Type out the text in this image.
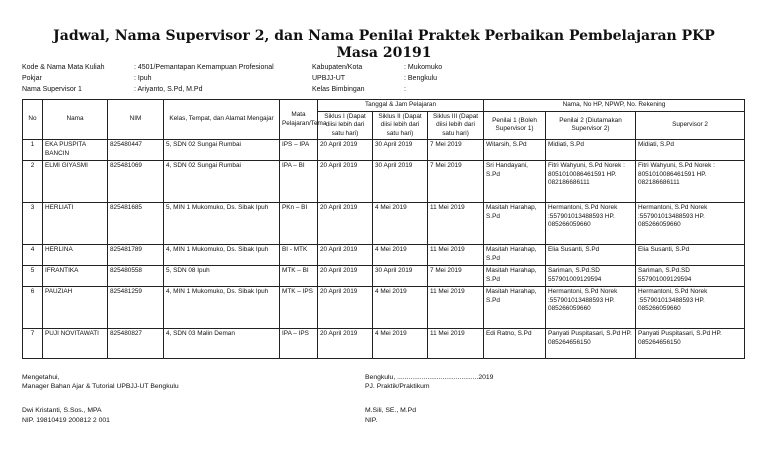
Jadwal, Nama Supervisor 2, dan Nama Penilai Praktek Perbaikan Pembelajaran PKP
Masa 20191
Kode & Nama Mata Kuliah	: 4501/Pemantapan Kemampuan Profesional
Pokjar	: Ipuh
Nama Supervisor 1	: Ariyanto, S.Pd, M.Pd
Kabupaten/Kota	: Mukomuko
UPBJJ-UT	: Bengkulu
Kelas Bimbingan	:
No	Nama	NIM	Kelas, Tempat, dan Alamat Mengajar	Mata Pelajaran/Tema	Tanggal & Jam Pelajaran			Nama, No HP, NPWP, No. Rekening		
					Siklus I (Dapat diisi lebih dari satu hari)	Siklus II (Dapat diisi lebih dari satu hari)	Siklus III (Dapat diisi lebih dari satu hari)	Penilai 1 (Boleh Supervisor 1)	Penilai 2 (Diutamakan Supervisor 2)	Supervisor 2
1	EKA PUSPITA BANCIN	825480447	5, SDN 02 Sungai Rumbai	IPS – IPA	20 April 2019	30 April 2019	7 Mei 2019	Witarsih, S.Pd	Midiati, S.Pd	Midiati, S.Pd
2	ELMI GIYASMI	825481069	4, SDN 02 Sungai Rumbai	IPA – BI	20 April 2019	30 April 2019	7 Mei 2019	Sri Handayani, S.Pd	Fitri Wahyuni, S.Pd Norek : 8051010086461591 HP. 082186686111	Fitri Wahyuni, S.Pd Norek : 8051010086461591 HP. 082186686111
3	HERLIATI	825481685	5, MIN 1 Mukomuko, Ds. Sibak Ipuh	PKn – BI	20 April 2019	4 Mei 2019	11 Mei 2019	Masitah Harahap, S.Pd	Hermantoni, S.Pd Norek :557901013488593 HP. 085266059660	Hermantoni, S.Pd Norek :557901013488593 HP. 085266059660
4	HERLINA	825481789	4, MIN 1 Mukomuko, Ds. Sibak Ipuh	BI - MTK	20 April 2019	4 Mei 2019	11 Mei 2019	Masitah Harahap, S.Pd	Elia Susanti, S.Pd	Elia Susanti, S.Pd
5	IFRANTIKA	825480558	5, SDN 08 Ipuh	MTK – BI	20 April 2019	30 April 2019	7 Mei 2019	Masitah Harahap, S.Pd	Sariman, S.Pd.SD 557901009129594	Sariman, S.Pd.SD 557901009129594
6	PAUZIAH	825481259	4, MIN 1 Mukomuko, Ds. Sibak Ipuh	MTK – IPS	20 April 2019	4 Mei 2019	11 Mei 2019	Masitah Harahap, S.Pd	Hermantoni, S.Pd Norek :557901013488593 HP. 085266059660	Hermantoni, S.Pd Norek :557901013488593 HP. 085266059660
7	PUJI NOVITAWATI	825480827	4, SDN 03 Malin Deman	IPA – IPS	20 April 2019	4 Mei 2019	11 Mei 2019	Edi Ratno, S.Pd	Panyati Puspitasari, S.Pd HP. 085264656150	Panyati Puspitasari, S.Pd HP. 085264656150
Mengetahui,
Manager Bahan Ajar & Tutorial UPBJJ-UT Bengkulu
Dwi Kristanti, S.Sos., MPA
NIP. 19810419 200812 2 001
Bengkulu, ...........................................2019
PJ. Praktik/Praktikum
M.Sili, SE., M.Pd
NIP.
